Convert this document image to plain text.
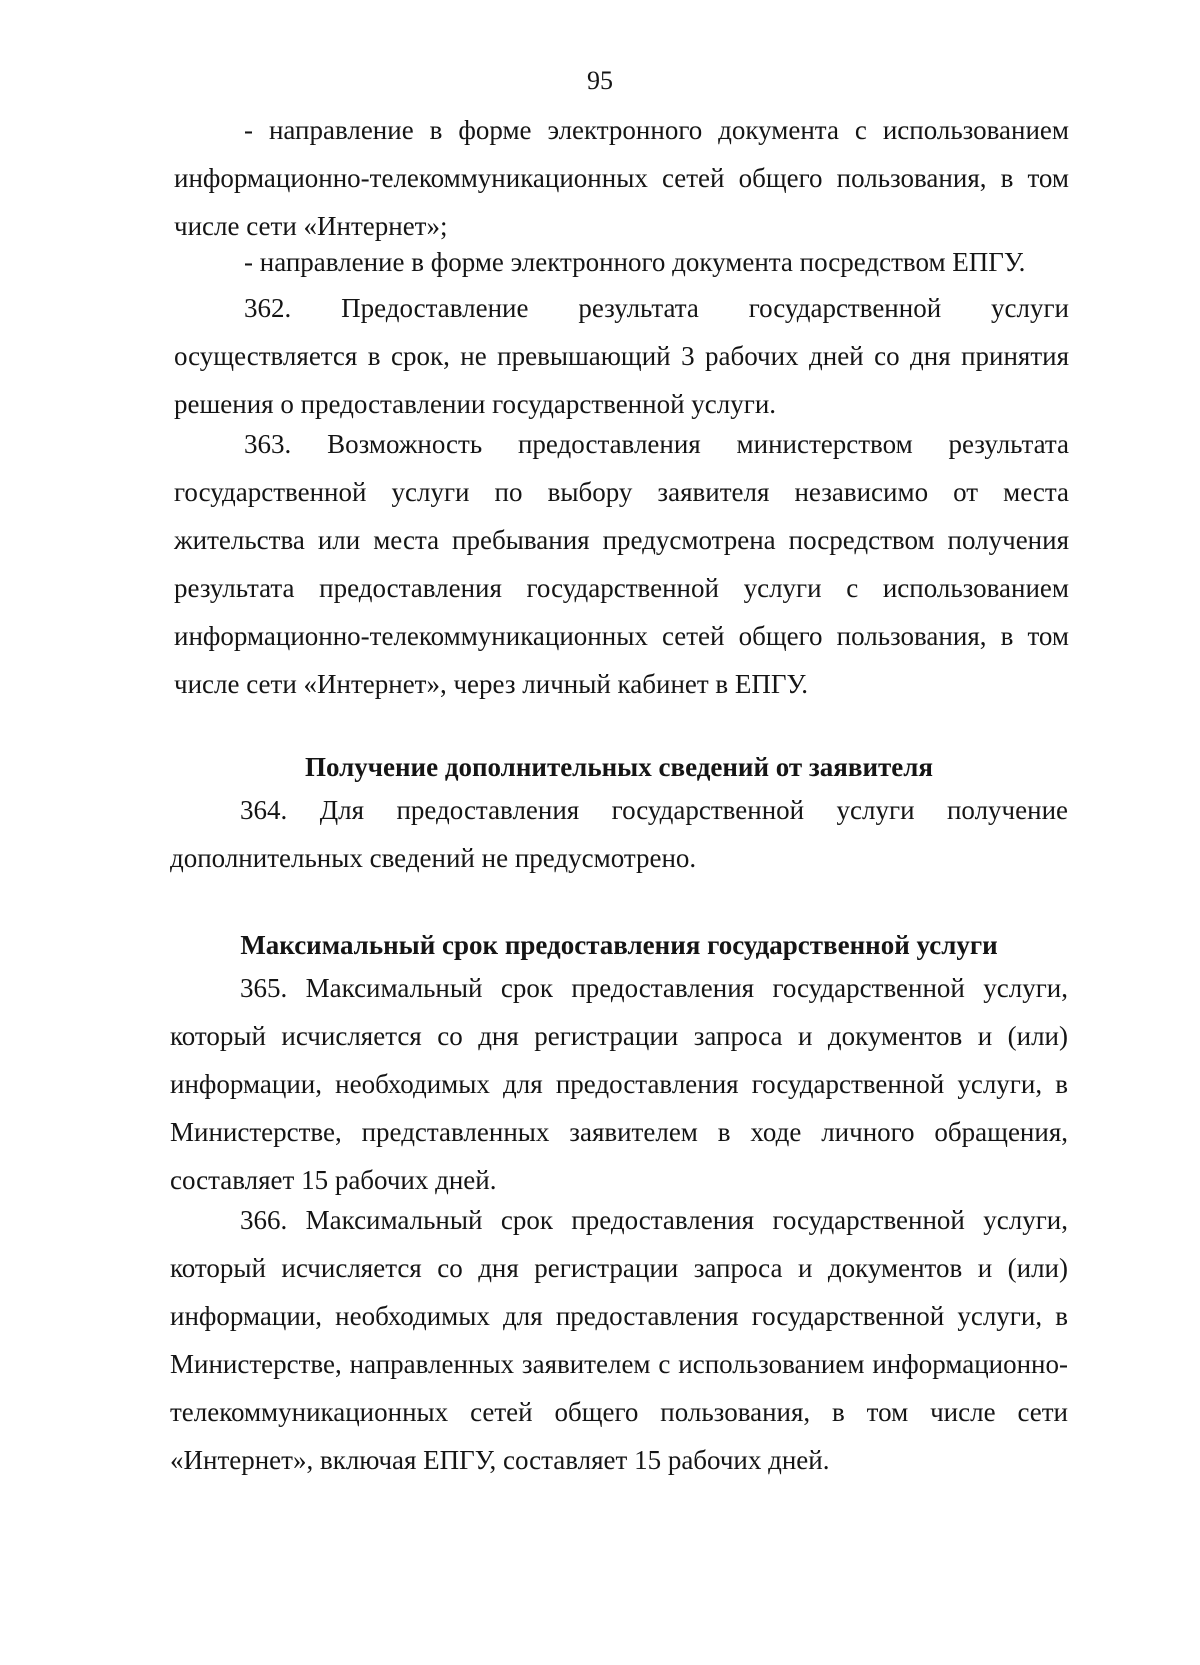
95

- направление в форме электронного документа с использованием информационно-телекоммуникационных сетей общего пользования, в том числе сети «Интернет»;

- направление в форме электронного документа посредством ЕПГУ.

362. Предоставление результата государственной услуги осуществляется в срок, не превышающий 3 рабочих дней со дня принятия решения о предоставлении государственной услуги.

363. Возможность предоставления министерством результата государственной услуги по выбору заявителя независимо от места жительства или места пребывания предусмотрена посредством получения результата предоставления государственной услуги с использованием информационно-телекоммуникационных сетей общего пользования, в том числе сети «Интернет», через личный кабинет в ЕПГУ.

Получение дополнительных сведений от заявителя

364. Для предоставления государственной услуги получение дополнительных сведений не предусмотрено.

Максимальный срок предоставления государственной услуги

365. Максимальный срок предоставления государственной услуги, который исчисляется со дня регистрации запроса и документов и (или) информации, необходимых для предоставления государственной услуги, в Министерстве, представленных заявителем в ходе личного обращения, составляет 15 рабочих дней.

366. Максимальный срок предоставления государственной услуги, который исчисляется со дня регистрации запроса и документов и (или) информации, необходимых для предоставления государственной услуги, в Министерстве, направленных заявителем с использованием информационно-телекоммуникационных сетей общего пользования, в том числе сети «Интернет», включая ЕПГУ, составляет 15 рабочих дней.
